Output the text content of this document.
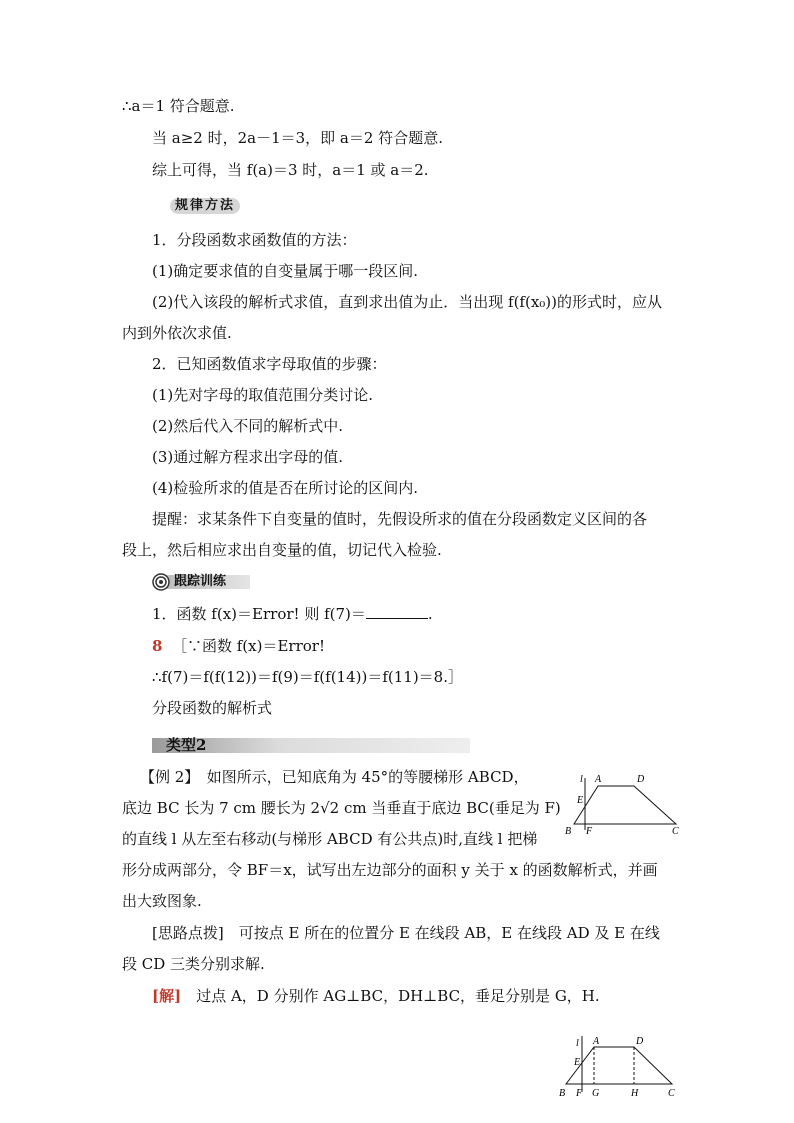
∴a＝1 符合题意.
当 a≥2 时，2a－1＝3，即 a＝2 符合题意.
综上可得，当 f(a)＝3 时，a＝1 或 a＝2.
规律方法
1．分段函数求函数值的方法：
(1)确定要求值的自变量属于哪一段区间.
(2)代入该段的解析式求值，直到求出值为止．当出现 f(f(x₀))的形式时，应从
内到外依次求值.
2．已知函数值求字母取值的步骤：
(1)先对字母的取值范围分类讨论.
(2)然后代入不同的解析式中.
(3)通过解方程求出字母的值.
(4)检验所求的值是否在所讨论的区间内.
提醒：求某条件下自变量的值时，先假设所求的值在分段函数定义区间的各
段上，然后相应求出自变量的值，切记代入检验.
跟踪训练
1．函数 f(x)＝Error! 则 f(7)＝	.
8 ［∵函数 f(x)＝Error!
∴f(7)＝f(f(12))＝f(9)＝f(f(14))＝f(11)＝8.］
分段函数的解析式
类型2
【例 2】　如图所示，已知底角为 45°的等腰梯形 ABCD，
底边 BC 长为 7 cm 腰长为 2√2 cm 当垂直于底边 BC(垂足为 F)
的直线 l 从左至右移动(与梯形 ABCD 有公共点)时,直线 l 把梯
形分成两部分，令 BF＝x，试写出左边部分的面积 y 关于 x 的函数解析式，并画
出大致图象.
[思路点拨]　可按点 E 所在的位置分 E 在线段 AB，E 在线段 AD 及 E 在线
段 CD 三类分别求解.
[解]　过点 A，D 分别作 AG⊥BC，DH⊥BC，垂足分别是 G，H.
l A	D
E
B F	C
l A	D
E
B F G	H	C
